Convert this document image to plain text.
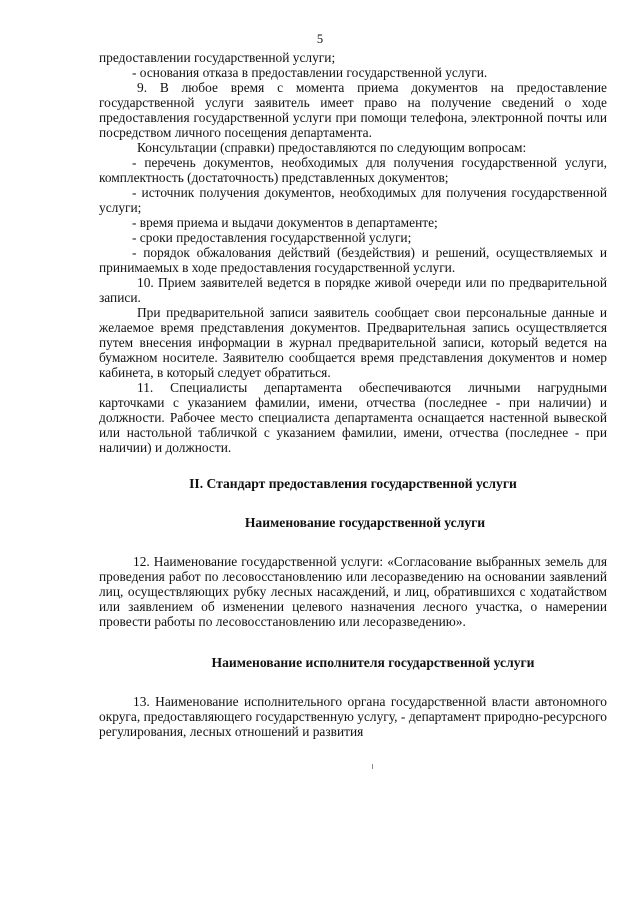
5

предоставлении государственной услуги;

- основания отказа в предоставлении государственной услуги.

9. В любое время с момента приема документов на предоставление государственной услуги заявитель имеет право на получение сведений о ходе предоставления государственной услуги при помощи телефона, электронной почты или посредством личного посещения департамента.

Консультации (справки) предоставляются по следующим вопросам:

- перечень документов, необходимых для получения государственной услуги, комплектность (достаточность) представленных документов;

- источник получения документов, необходимых для получения государственной услуги;

- время приема и выдачи документов в департаменте;

- сроки предоставления государственной услуги;

- порядок обжалования действий (бездействия) и решений, осуществляемых и принимаемых в ходе предоставления государственной услуги.

10. Прием заявителей ведется в порядке живой очереди или по предварительной записи.

При предварительной записи заявитель сообщает свои персональные данные и желаемое время представления документов. Предварительная запись осуществляется путем внесения информации в журнал предварительной записи, который ведется на бумажном носителе. Заявителю сообщается время представления документов и номер кабинета, в который следует обратиться.

11. Специалисты департамента обеспечиваются личными нагрудными карточками с указанием фамилии, имени, отчества (последнее - при наличии) и должности. Рабочее место специалиста департамента оснащается настенной вывеской или настольной табличкой с указанием фамилии, имени, отчества (последнее - при наличии) и должности.

II. Стандарт предоставления государственной услуги

Наименование государственной услуги

12. Наименование государственной услуги: «Согласование выбранных земель для проведения работ по лесовосстановлению или лесоразведению на основании заявлений лиц, осуществляющих рубку лесных насаждений, и лиц, обратившихся с ходатайством или заявлением об изменении целевого назначения лесного участка, о намерении провести работы по лесовосстановлению или лесоразведению».

Наименование исполнителя государственной услуги

13. Наименование исполнительного органа государственной власти автономного округа, предоставляющего государственную услугу, - департамент природно-ресурсного регулирования, лесных отношений и развития
